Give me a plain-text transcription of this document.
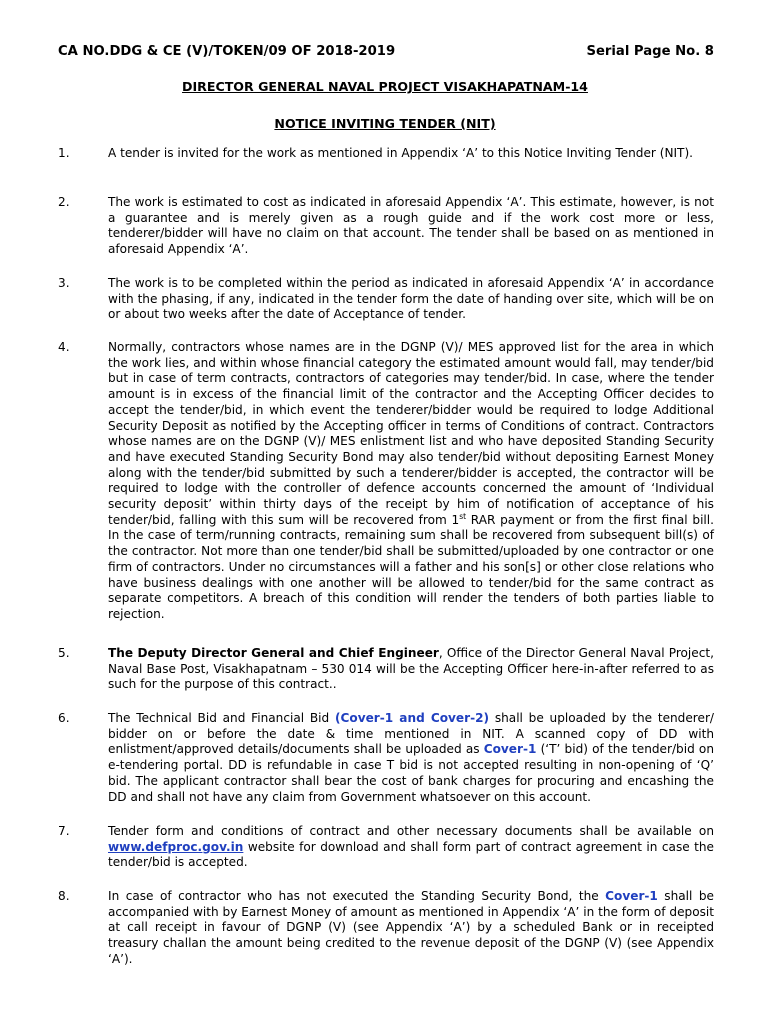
CA NO.DDG & CE (V)/TOKEN/09 OF 2018-2019	Serial Page No. 8
DIRECTOR GENERAL NAVAL PROJECT VISAKHAPATNAM-14
NOTICE INVITING TENDER (NIT)
1.	A tender is invited for the work as mentioned in Appendix ‘A’ to this Notice Inviting Tender (NIT).
2.	The work is estimated to cost as indicated in aforesaid Appendix ‘A’. This estimate, however, is not a guarantee and is merely given as a rough guide and if the work cost more or less, tenderer/bidder will have no claim on that account. The tender shall be based on as mentioned in aforesaid Appendix ‘A’.
3.	The work is to be completed within the period as indicated in aforesaid Appendix ‘A’ in accordance with the phasing, if any, indicated in the tender form the date of handing over site, which will be on or about two weeks after the date of Acceptance of tender.
4.	Normally, contractors whose names are in the DGNP (V)/ MES approved list for the area in which the work lies, and within whose financial category the estimated amount would fall, may tender/bid but in case of term contracts, contractors of categories may tender/bid. In case, where the tender amount is in excess of the financial limit of the contractor and the Accepting Officer decides to accept the tender/bid, in which event the tenderer/bidder would be required to lodge Additional Security Deposit as notified by the Accepting officer in terms of Conditions of contract. Contractors whose names are on the DGNP (V)/ MES enlistment list and who have deposited Standing Security and have executed Standing Security Bond may also tender/bid without depositing Earnest Money along with the tender/bid submitted by such a tenderer/bidder is accepted, the contractor will be required to lodge with the controller of defence accounts concerned the amount of ‘Individual security deposit’ within thirty days of the receipt by him of notification of acceptance of his tender/bid, falling with this sum will be recovered from 1st RAR payment or from the first final bill. In the case of term/running contracts, remaining sum shall be recovered from subsequent bill(s) of the contractor. Not more than one tender/bid shall be submitted/uploaded by one contractor or one firm of contractors. Under no circumstances will a father and his son[s] or other close relations who have business dealings with one another will be allowed to tender/bid for the same contract as separate competitors. A breach of this condition will render the tenders of both parties liable to rejection.
5.	The Deputy Director General and Chief Engineer, Office of the Director General Naval Project, Naval Base Post, Visakhapatnam – 530 014 will be the Accepting Officer here-in-after referred to as such for the purpose of this contract..
6.	The Technical Bid and Financial Bid (Cover-1 and Cover-2) shall be uploaded by the tenderer/ bidder on or before the date & time mentioned in NIT. A scanned copy of DD with enlistment/approved details/documents shall be uploaded as Cover-1 (‘T’ bid) of the tender/bid on e-tendering portal. DD is refundable in case T bid is not accepted resulting in non-opening of ‘Q’ bid. The applicant contractor shall bear the cost of bank charges for procuring and encashing the DD and shall not have any claim from Government whatsoever on this account.
7.	Tender form and conditions of contract and other necessary documents shall be available on www.defproc.gov.in website for download and shall form part of contract agreement in case the tender/bid is accepted.
8.	In case of contractor who has not executed the Standing Security Bond, the Cover-1 shall be accompanied with by Earnest Money of amount as mentioned in Appendix ‘A’ in the form of deposit at call receipt in favour of DGNP (V) (see Appendix ‘A’) by a scheduled Bank or in receipted treasury challan the amount being credited to the revenue deposit of the DGNP (V) (see Appendix ‘A’).
